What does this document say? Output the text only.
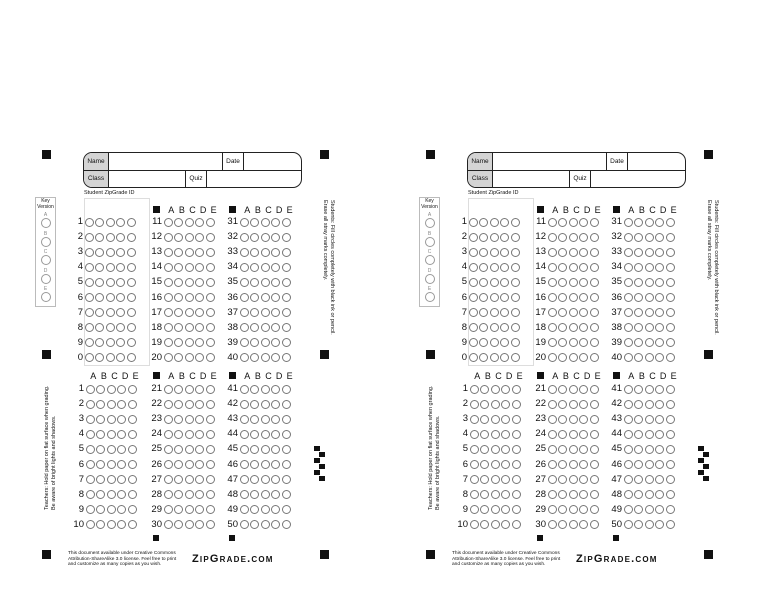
Name	Date
Class	Quiz
Student ZipGrade ID
Key Version
A
B
C
D
E
A B C D E	A B C D E
A B C D E	A B C D E	A B C D E
1	11	31
1	21	41
2	12	32
2	22	42
3	13	33
3	23	43
4	14	34
4	24	44
5	15	35
5	25	45
6	16	36
6	26	46
7	17	37
7	27	47
8	18	38
8	28	48
9	19	39
9	29	49
0	20	40
10	30	50
Students: Fill circles completely with black ink or pencil.
Erase all stray marks completely.
Teachers: Hold paper on flat surface when grading. Be aware of bright lights and shadows.
This document available under Creative Commons Attribution-ShareAlike 3.0 license. Feel free to print and customize as many copies as you wish.	ZipGrade.com
Name	Date
Class	Quiz
Student ZipGrade ID
Key Version
A
B
C
D
E
A B C D E	A B C D E
A B C D E	A B C D E	A B C D E
1	11	31
1	21	41
2	12	32
2	22	42
3	13	33
3	23	43
4	14	34
4	24	44
5	15	35
5	25	45
6	16	36
6	26	46
7	17	37
7	27	47
8	18	38
8	28	48
9	19	39
9	29	49
0	20	40
10	30	50
Students: Fill circles completely with black ink or pencil.
Erase all stray marks completely.
Teachers: Hold paper on flat surface when grading. Be aware of bright lights and shadows.
This document available under Creative Commons Attribution-ShareAlike 3.0 license. Feel free to print and customize as many copies as you wish.	ZipGrade.com
